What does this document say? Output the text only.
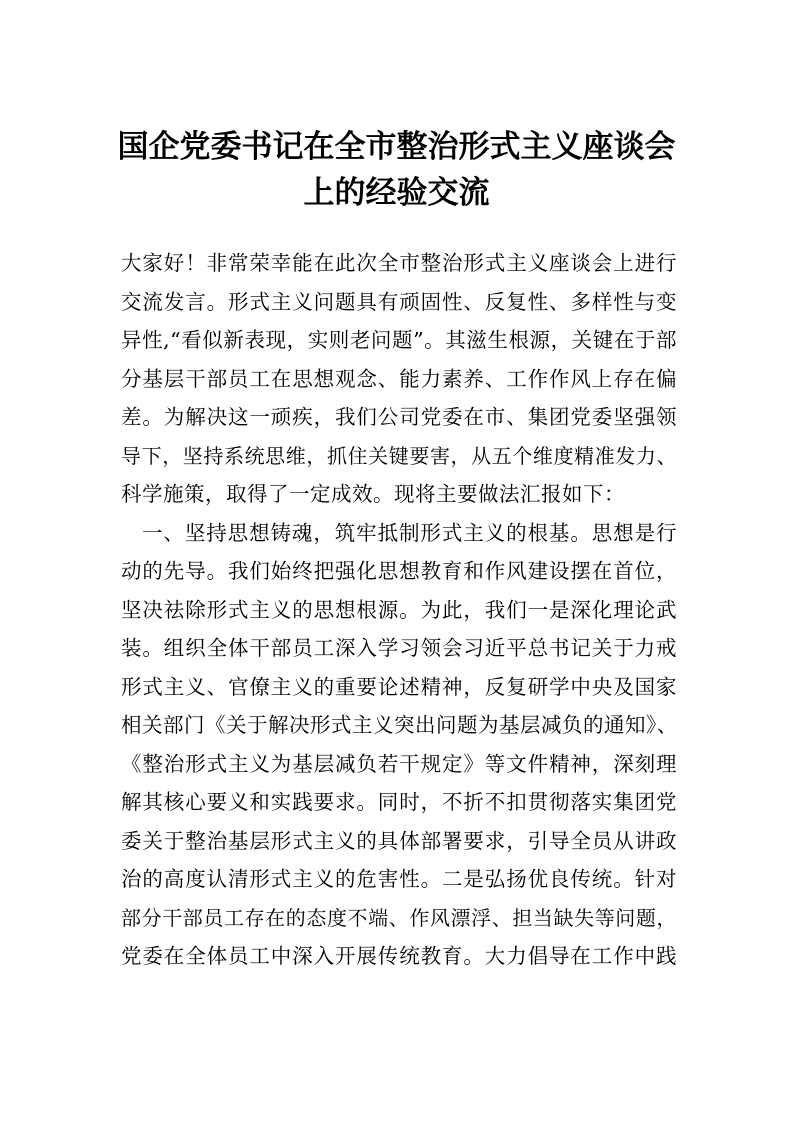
国企党委书记在全市整治形式主义座谈会
上的经验交流
大家好！非常荣幸能在此次全市整治形式主义座谈会上进行
交流发言。形式主义问题具有顽固性、反复性、多样性与变
异性,“看似新表现，实则老问题”。其滋生根源，关键在于部
分基层干部员工在思想观念、能力素养、工作作风上存在偏
差。为解决这一顽疾，我们公司党委在市、集团党委坚强领
导下，坚持系统思维，抓住关键要害，从五个维度精准发力、
科学施策，取得了一定成效。现将主要做法汇报如下：
一、坚持思想铸魂，筑牢抵制形式主义的根基。思想是行
动的先导。我们始终把强化思想教育和作风建设摆在首位，
坚决祛除形式主义的思想根源。为此，我们一是深化理论武
装。组织全体干部员工深入学习领会习近平总书记关于力戒
形式主义、官僚主义的重要论述精神，反复研学中央及国家
相关部门《关于解决形式主义突出问题为基层减负的通知》、
《整治形式主义为基层减负若干规定》等文件精神，深刻理
解其核心要义和实践要求。同时，不折不扣贯彻落实集团党
委关于整治基层形式主义的具体部署要求，引导全员从讲政
治的高度认清形式主义的危害性。二是弘扬优良传统。针对
部分干部员工存在的态度不端、作风漂浮、担当缺失等问题，
党委在全体员工中深入开展传统教育。大力倡导在工作中践
